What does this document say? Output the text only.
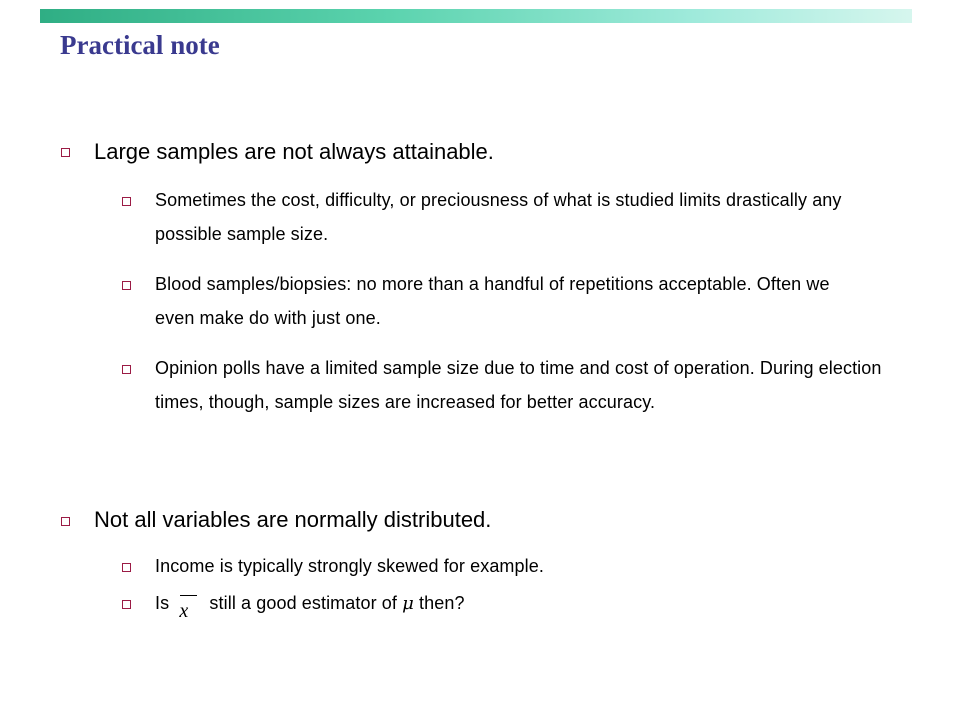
Practical note
Large samples are not always attainable.
Sometimes the cost, difficulty, or preciousness of what is studied limits drastically any possible sample size.
Blood samples/biopsies: no more than a handful of repetitions acceptable. Often we even make do with just one.
Opinion polls have a limited sample size due to time and cost of operation. During election times, though, sample sizes are increased for better accuracy.
Not all variables are normally distributed.
Income is typically strongly skewed for example.
Is x still a good estimator of μ then?
